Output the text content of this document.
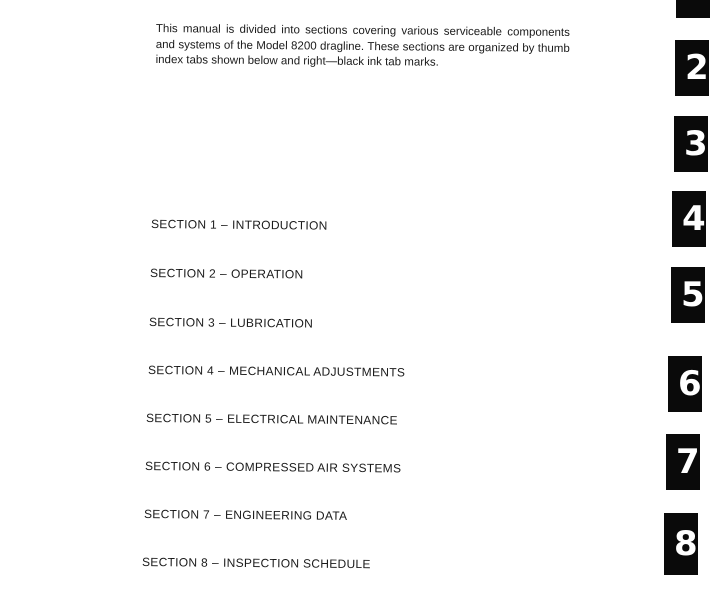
This manual is divided into sections covering various serviceable components and systems of the Model 8200 dragline. These sections are organized by thumb index tabs shown below and right—black ink tab marks.

SECTION 1 – INTRODUCTION
SECTION 2 – OPERATION
SECTION 3 – LUBRICATION
SECTION 4 – MECHANICAL ADJUSTMENTS
SECTION 5 – ELECTRICAL MAINTENANCE
SECTION 6 – COMPRESSED AIR SYSTEMS
SECTION 7 – ENGINEERING DATA
SECTION 8 – INSPECTION SCHEDULE
2
3
4
5
6
7
8
